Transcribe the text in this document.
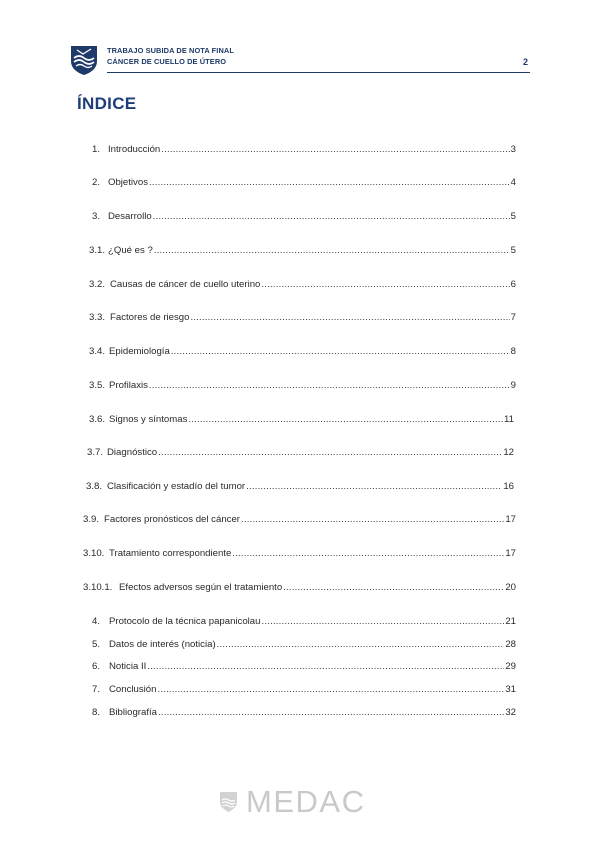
TRABAJO SUBIDA DE NOTA FINAL
CÁNCER DE CUELLO DE ÚTERO	2
ÍNDICE
1. Introducción .....	3
2. Objetivos .....	4
3. Desarrollo .....	5
3.1. ¿Qué es ? .....	5
3.2. Causas de cáncer de cuello uterino .....	6
3.3. Factores de riesgo .....	7
3.4. Epidemiología .....	8
3.5. Profilaxis .....	9
3.6. Signos y síntomas .....	11
3.7. Diagnóstico .....	12
3.8. Clasificación y estadío del tumor .....	16
3.9. Factores pronósticos del cáncer .....	17
3.10. Tratamiento correspondiente .....	17
3.10.1. Efectos adversos según el tratamiento .....	20
4. Protocolo de la técnica papanicolau .....	21
5. Datos de interés (noticia) .....	28
6. Noticia II .....	29
7. Conclusión .....	31
8. Bibliografía .....	32
MEDAC
